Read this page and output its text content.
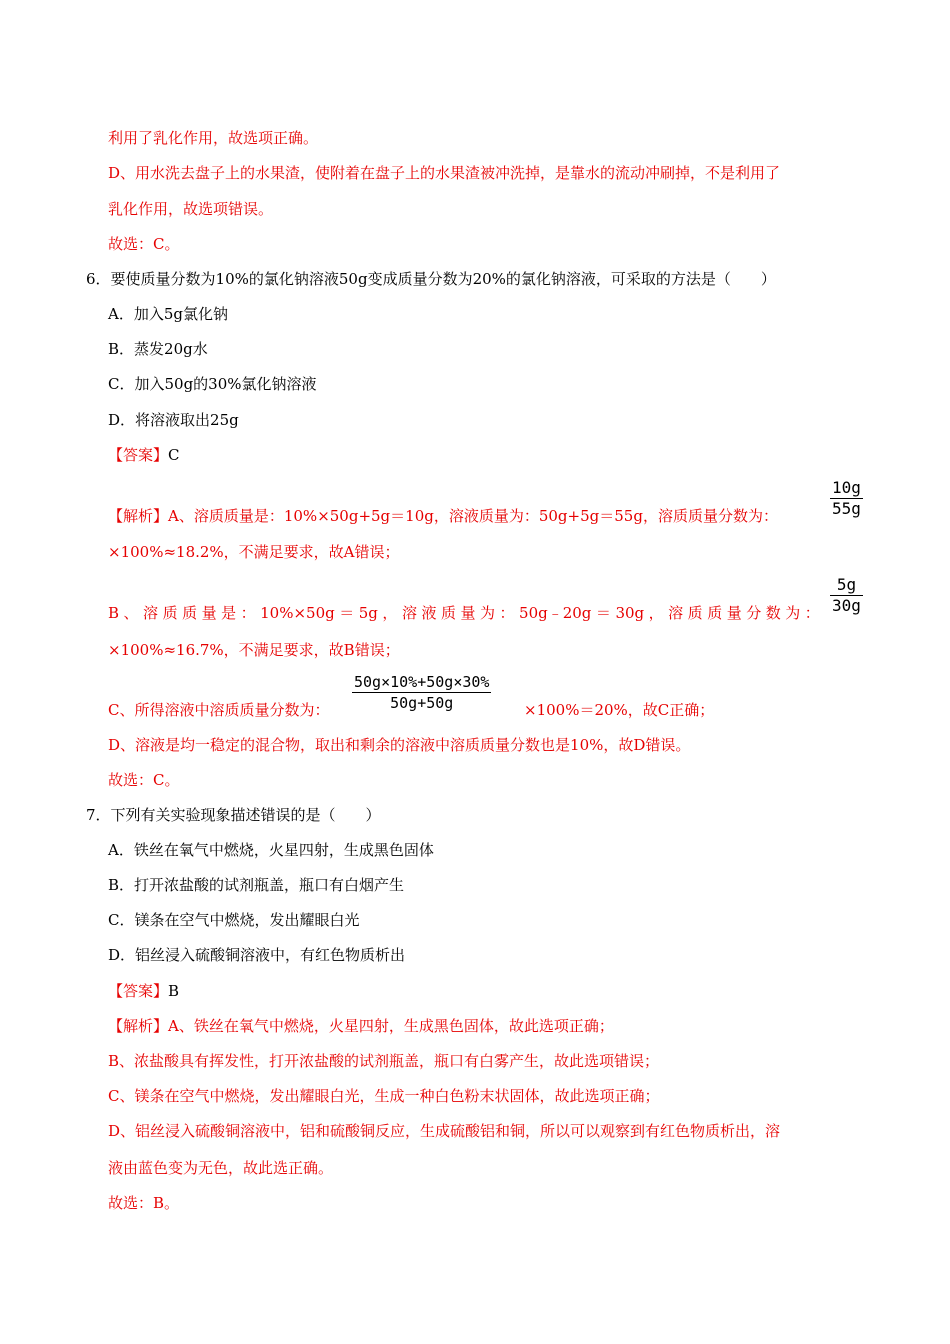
利用了乳化作用，故选项正确。
D、用水洗去盘子上的水果渣，使附着在盘子上的水果渣被冲洗掉，是靠水的流动冲刷掉，不是利用了
乳化作用，故选项错误。
故选：C。
6．要使质量分数为10%的氯化钠溶液50g变成质量分数为20%的氯化钠溶液，可采取的方法是（　　）
A．加入5g氯化钠
B．蒸发20g水
C．加入50g的30%氯化钠溶液
D．将溶液取出25g
【答案】C
【解析】A、溶质质量是：10%×50g+5g＝10g，溶液质量为：50g+5g＝55g，溶质质量分数为：
10g
55g
×100%≈18.2%，不满足要求，故A错误；
B 、 溶 质 质 量 是 ： 10%×50g ＝ 5g ， 溶 液 质 量 为 ： 50g﹣20g ＝ 30g ， 溶 质 质 量 分 数 为 ：
5g
30g
×100%≈16.7%，不满足要求，故B错误；
C、所得溶液中溶质质量分数为：
50g×10%+50g×30%
50g+50g	×100%＝20%，故C正确；
D、溶液是均一稳定的混合物，取出和剩余的溶液中溶质质量分数也是10%，故D错误。
故选：C。
7．下列有关实验现象描述错误的是（　　）
A．铁丝在氧气中燃烧，火星四射，生成黑色固体
B．打开浓盐酸的试剂瓶盖，瓶口有白烟产生
C．镁条在空气中燃烧，发出耀眼白光
D．铝丝浸入硫酸铜溶液中，有红色物质析出
【答案】B
【解析】A、铁丝在氧气中燃烧，火星四射，生成黑色固体，故此选项正确；
B、浓盐酸具有挥发性，打开浓盐酸的试剂瓶盖，瓶口有白雾产生，故此选项错误；
C、镁条在空气中燃烧，发出耀眼白光，生成一种白色粉末状固体，故此选项正确；
D、铝丝浸入硫酸铜溶液中，铝和硫酸铜反应，生成硫酸铝和铜，所以可以观察到有红色物质析出，溶
液由蓝色变为无色，故此选正确。
故选：B。
